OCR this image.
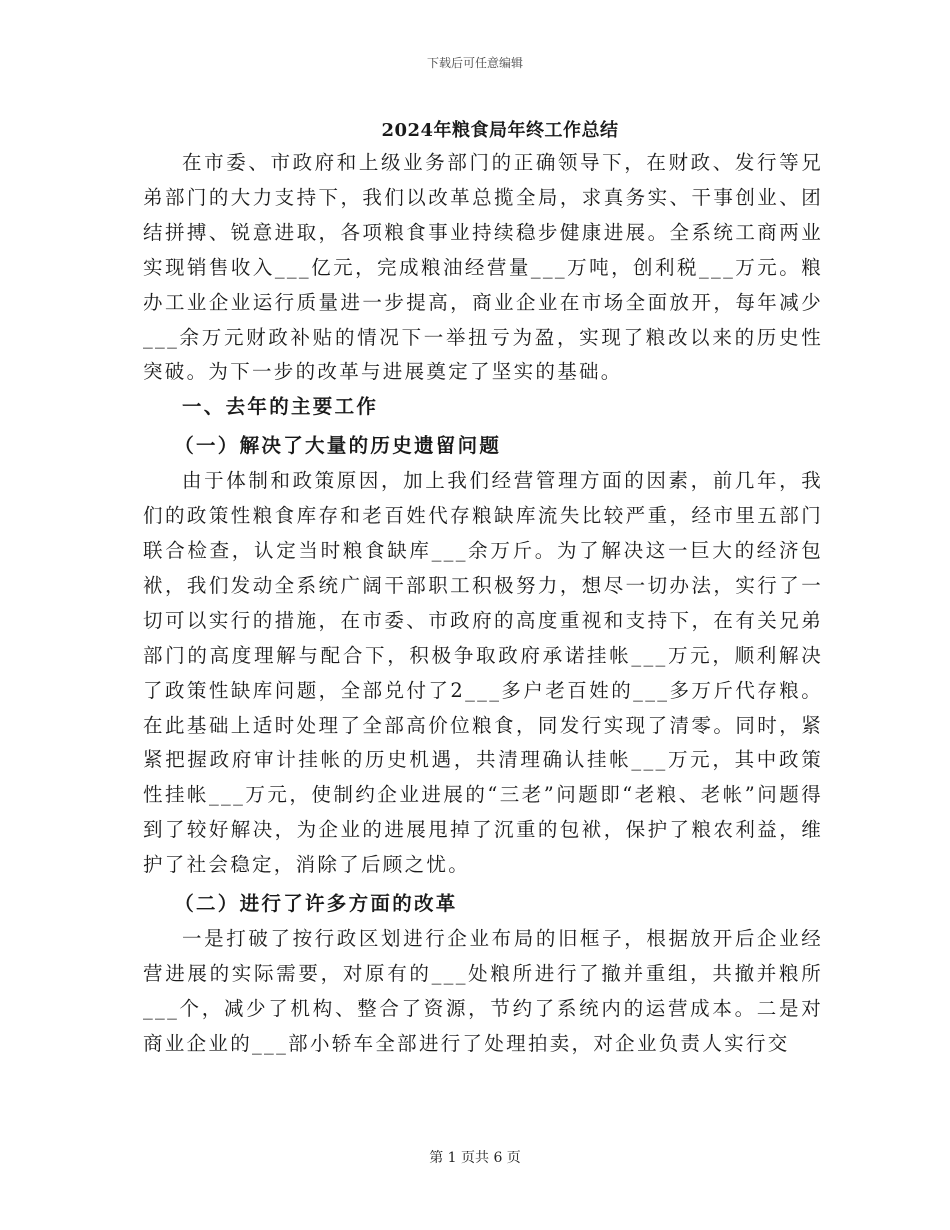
下载后可任意编辑
2024年粮食局年终工作总结

在市委、市政府和上级业务部门的正确领导下，在财政、发行等兄弟部门的大力支持下，我们以改革总揽全局，求真务实、干事创业、团结拼搏、锐意进取，各项粮食事业持续稳步健康进展。全系统工商两业实现销售收入___亿元，完成粮油经营量___万吨，创利税___万元。粮办工业企业运行质量进一步提高，商业企业在市场全面放开，每年减少___余万元财政补贴的情况下一举扭亏为盈，实现了粮改以来的历史性突破。为下一步的改革与进展奠定了坚实的基础。

一、去年的主要工作
（一）解决了大量的历史遗留问题

由于体制和政策原因，加上我们经营管理方面的因素，前几年，我们的政策性粮食库存和老百姓代存粮缺库流失比较严重，经市里五部门联合检查，认定当时粮食缺库___余万斤。为了解决这一巨大的经济包袱，我们发动全系统广阔干部职工积极努力，想尽一切办法，实行了一切可以实行的措施，在市委、市政府的高度重视和支持下，在有关兄弟部门的高度理解与配合下，积极争取政府承诺挂帐___万元，顺利解决了政策性缺库问题，全部兑付了2___多户老百姓的___多万斤代存粮。在此基础上适时处理了全部高价位粮食，同发行实现了清零。同时，紧紧把握政府审计挂帐的历史机遇，共清理确认挂帐___万元，其中政策性挂帐___万元，使制约企业进展的“三老”问题即“老粮、老帐”问题得到了较好解决，为企业的进展甩掉了沉重的包袱，保护了粮农利益，维护了社会稳定，消除了后顾之忧。

（二）进行了许多方面的改革

一是打破了按行政区划进行企业布局的旧框子，根据放开后企业经营进展的实际需要，对原有的___处粮所进行了撤并重组，共撤并粮所___个，减少了机构、整合了资源，节约了系统内的运营成本。二是对商业企业的___部小轿车全部进行了处理拍卖，对企业负责人实行交

第 1 页共 6 页
